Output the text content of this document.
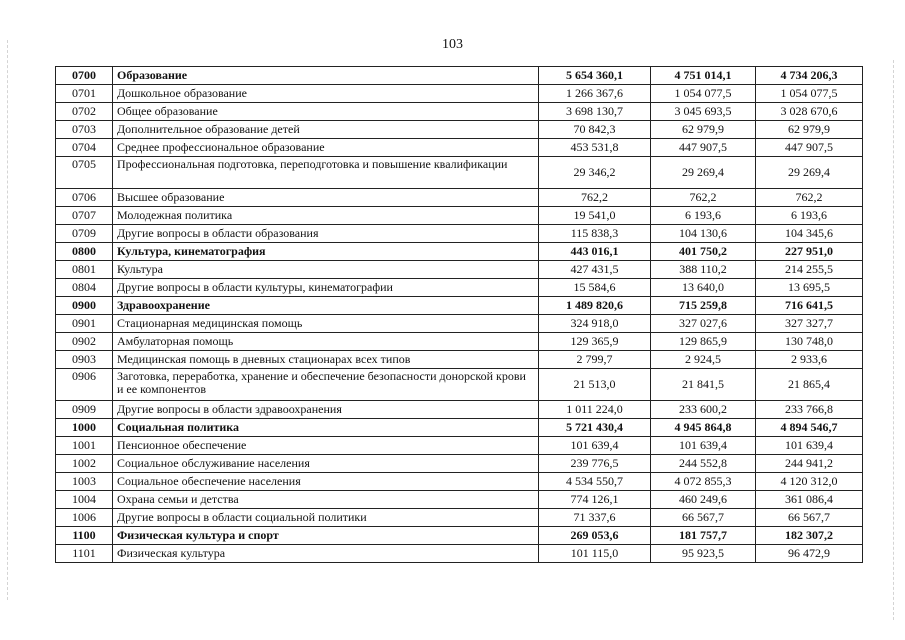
103
0700	Образование	5 654 360,1	4 751 014,1	4 734 206,3
0701	Дошкольное образование	1 266 367,6	1 054 077,5	1 054 077,5
0702	Общее образование	3 698 130,7	3 045 693,5	3 028 670,6
0703	Дополнительное образование детей	70 842,3	62 979,9	62 979,9
0704	Среднее профессиональное образование	453 531,8	447 907,5	447 907,5
0705	Профессиональная подготовка, переподготовка и повышение квалификации	29 346,2	29 269,4	29 269,4
0706	Высшее образование	762,2	762,2	762,2
0707	Молодежная политика	19 541,0	6 193,6	6 193,6
0709	Другие вопросы в области образования	115 838,3	104 130,6	104 345,6
0800	Культура, кинематография	443 016,1	401 750,2	227 951,0
0801	Культура	427 431,5	388 110,2	214 255,5
0804	Другие вопросы в области культуры, кинематографии	15 584,6	13 640,0	13 695,5
0900	Здравоохранение	1 489 820,6	715 259,8	716 641,5
0901	Стационарная медицинская помощь	324 918,0	327 027,6	327 327,7
0902	Амбулаторная помощь	129 365,9	129 865,9	130 748,0
0903	Медицинская помощь в дневных стационарах всех типов	2 799,7	2 924,5	2 933,6
0906	Заготовка, переработка, хранение и обеспечение безопасности донорской крови и ее компонентов	21 513,0	21 841,5	21 865,4
0909	Другие вопросы в области здравоохранения	1 011 224,0	233 600,2	233 766,8
1000	Социальная политика	5 721 430,4	4 945 864,8	4 894 546,7
1001	Пенсионное обеспечение	101 639,4	101 639,4	101 639,4
1002	Социальное обслуживание населения	239 776,5	244 552,8	244 941,2
1003	Социальное обеспечение населения	4 534 550,7	4 072 855,3	4 120 312,0
1004	Охрана семьи и детства	774 126,1	460 249,6	361 086,4
1006	Другие вопросы в области социальной политики	71 337,6	66 567,7	66 567,7
1100	Физическая культура и спорт	269 053,6	181 757,7	182 307,2
1101	Физическая культура	101 115,0	95 923,5	96 472,9
